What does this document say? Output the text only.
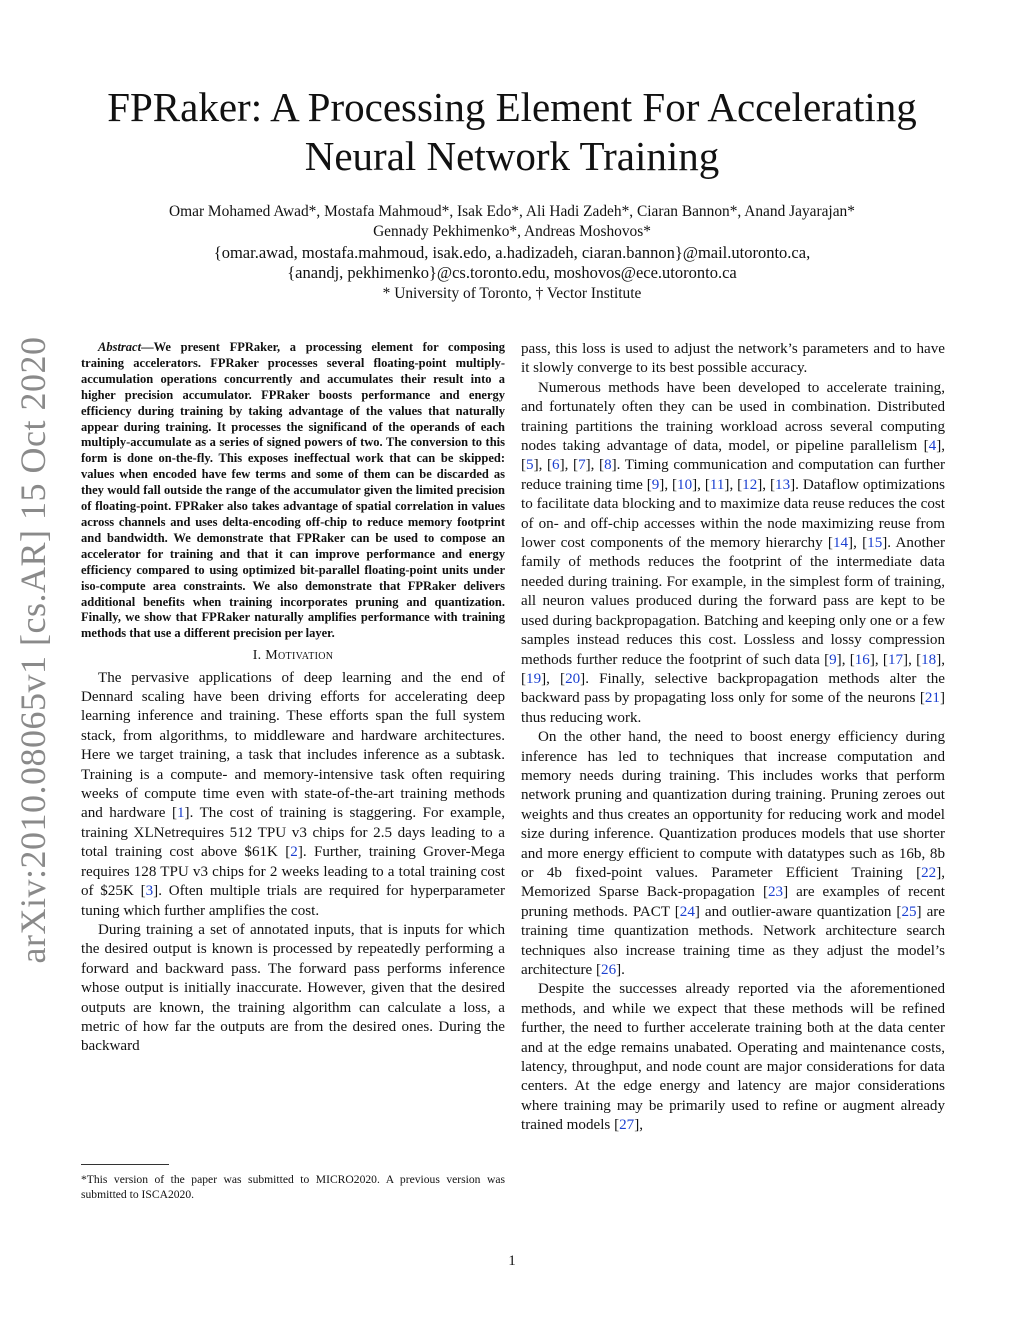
arXiv:2010.08065v1 [cs.AR] 15 Oct 2020
FPRaker: A Processing Element For Accelerating
Neural Network Training
Omar Mohamed Awad*, Mostafa Mahmoud*, Isak Edo*, Ali Hadi Zadeh*, Ciaran Bannon*, Anand Jayarajan*
Gennady Pekhimenko*, Andreas Moshovos*
{omar.awad, mostafa.mahmoud, isak.edo, a.hadizadeh, ciaran.bannon}@mail.utoronto.ca,
{anandj, pekhimenko}@cs.toronto.edu, moshovos@ece.utoronto.ca
* University of Toronto, † Vector Institute

Abstract—We present FPRaker, a processing element for composing training accelerators. FPRaker processes several floating-point multiply-accumulation operations concurrently and accumulates their result into a higher precision accumulator. FPRaker boosts performance and energy efficiency during training by taking advantage of the values that naturally appear during training. It processes the significand of the operands of each multiply-accumulate as a series of signed powers of two. The conversion to this form is done on-the-fly. This exposes ineffectual work that can be skipped: values when encoded have few terms and some of them can be discarded as they would fall outside the range of the accumulator given the limited precision of floating-point. FPRaker also takes advantage of spatial correlation in values across channels and uses delta-encoding off-chip to reduce memory footprint and bandwidth. We demonstrate that FPRaker can be used to compose an accelerator for training and that it can improve performance and energy efficiency compared to using optimized bit-parallel floating-point units under iso-compute area constraints. We also demonstrate that FPRaker delivers additional benefits when training incorporates pruning and quantization. Finally, we show that FPRaker naturally amplifies performance with training methods that use a different precision per layer.

I. Motivation

The pervasive applications of deep learning and the end of Dennard scaling have been driving efforts for accelerating deep learning inference and training. These efforts span the full system stack, from algorithms, to middleware and hardware architectures. Here we target training, a task that includes inference as a subtask. Training is a compute- and memory-intensive task often requiring weeks of compute time even with state-of-the-art training methods and hardware [1]. The cost of training is staggering. For example, training XLNetrequires 512 TPU v3 chips for 2.5 days leading to a total training cost above $61K [2]. Further, training Grover-Mega requires 128 TPU v3 chips for 2 weeks leading to a total training cost of $25K [3]. Often multiple trials are required for hyperparameter tuning which further amplifies the cost.

During training a set of annotated inputs, that is inputs for which the desired output is known is processed by repeatedly performing a forward and backward pass. The forward pass performs inference whose output is initially inaccurate. However, given that the desired outputs are known, the training algorithm can calculate a loss, a metric of how far the outputs are from the desired ones. During the backward

pass, this loss is used to adjust the network’s parameters and to have it slowly converge to its best possible accuracy.

Numerous methods have been developed to accelerate training, and fortunately often they can be used in combination. Distributed training partitions the training workload across several computing nodes taking advantage of data, model, or pipeline parallelism [4], [5], [6], [7], [8]. Timing communication and computation can further reduce training time [9], [10], [11], [12], [13]. Dataflow optimizations to facilitate data blocking and to maximize data reuse reduces the cost of on- and off-chip accesses within the node maximizing reuse from lower cost components of the memory hierarchy [14], [15]. Another family of methods reduces the footprint of the intermediate data needed during training. For example, in the simplest form of training, all neuron values produced during the forward pass are kept to be used during backpropagation. Batching and keeping only one or a few samples instead reduces this cost. Lossless and lossy compression methods further reduce the footprint of such data [9], [16], [17], [18], [19], [20]. Finally, selective backpropagation methods alter the backward pass by propagating loss only for some of the neurons [21] thus reducing work.

On the other hand, the need to boost energy efficiency during inference has led to techniques that increase computation and memory needs during training. This includes works that perform network pruning and quantization during training. Pruning zeroes out weights and thus creates an opportunity for reducing work and model size during inference. Quantization produces models that use shorter and more energy efficient to compute with datatypes such as 16b, 8b or 4b fixed-point values. Parameter Efficient Training [22], Memorized Sparse Back-propagation [23] are examples of recent pruning methods. PACT [24] and outlier-aware quantization [25] are training time quantization methods. Network architecture search techniques also increase training time as they adjust the model’s architecture [26].

Despite the successes already reported via the aforementioned methods, and while we expect that these methods will be refined further, the need to further accelerate training both at the data center and at the edge remains unabated. Operating and maintenance costs, latency, throughput, and node count are major considerations for data centers. At the edge energy and latency are major considerations where training may be primarily used to refine or augment already trained models [27],

*This version of the paper was submitted to MICRO2020. A previous version was submitted to ISCA2020.
1
